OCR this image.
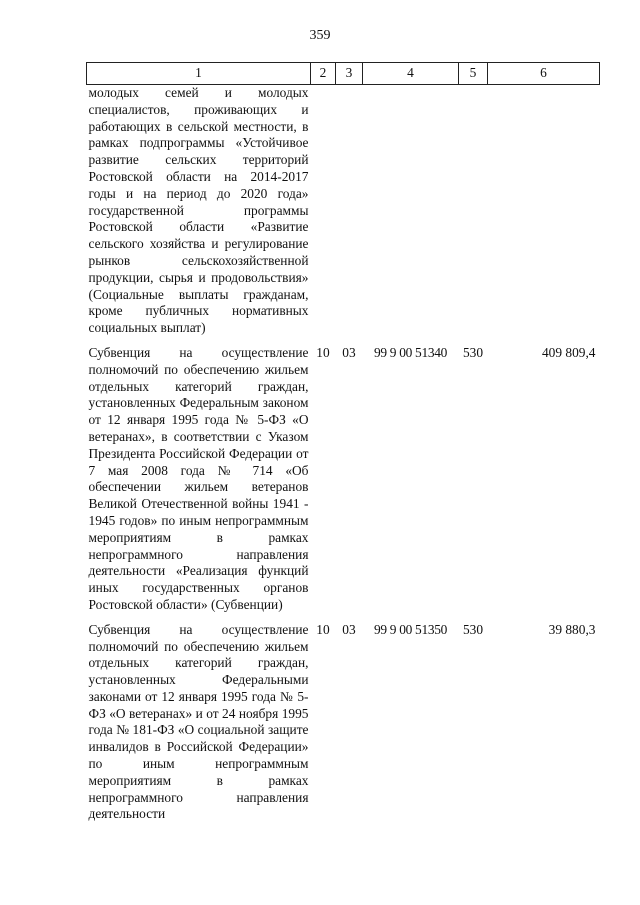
359
1	2	3	4	5	6
молодых семей и молодых специалистов, проживающих и работающих в сельской местности, в рамках подпрограммы «Устойчивое развитие сельских территорий Ростовской области на 2014-2017 годы и на период до 2020 года» государственной программы Ростовской области «Развитие сельского хозяйства и регулирование рынков сельскохозяйственной продукции, сырья и продовольствия» (Социальные выплаты гражданам, кроме публичных нормативных социальных выплат)					

Субвенция на осуществление полномочий по обеспечению жильем отдельных категорий граждан, установленных Федеральным законом от 12 января 1995 года № 5-ФЗ «О ветеранах», в соответствии с Указом Президента Российской Федерации от 7 мая 2008 года № 714 «Об обеспечении жильем ветеранов Великой Отечественной войны 1941 - 1945 годов» по иным непрограммным мероприятиям в рамках непрограммного направления деятельности «Реализация функций иных государственных органов Ростовской области» (Субвенции)	10	03	99 9 00 51340	530	409 809,4

Субвенция на осуществление полномочий по обеспечению жильем отдельных категорий граждан, установленных Федеральными законами от 12 января 1995 года № 5-ФЗ «О ветеранах» и от 24 ноября 1995 года № 181-ФЗ «О социальной защите инвалидов в Российской Федерации» по иным непрограммным мероприятиям в рамках непрограммного направления деятельности	10	03	99 9 00 51350	530	39 880,3
